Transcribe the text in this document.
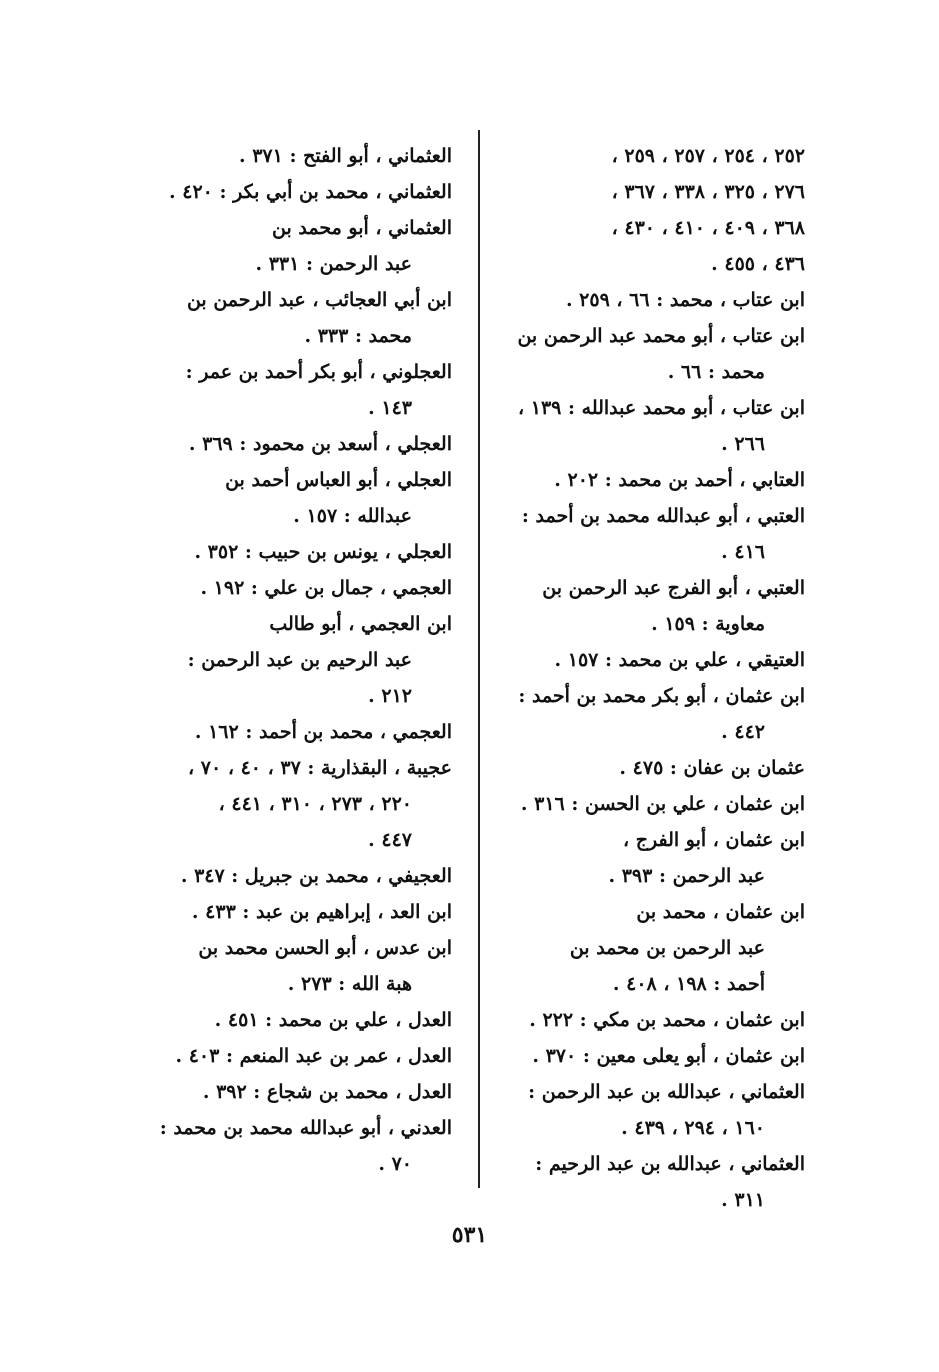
٢٥٢ ، ٢٥٤ ، ٢٥٧ ، ٢٥٩ ،
٢٧٦ ، ٣٢٥ ، ٣٣٨ ، ٣٦٧ ،
٣٦٨ ، ٤٠٩ ، ٤١٠ ، ٤٣٠ ،
٤٣٦ ، ٤٥٥ .
ابن عتاب ، محمد : ٦٦ ، ٢٥٩ .
ابن عتاب ، أبو محمد عبد الرحمن بن
محمد : ٦٦ .
ابن عتاب ، أبو محمد عبدالله : ١٣٩ ،
٢٦٦ .
العتابي ، أحمد بن محمد : ٢٠٢ .
العتبي ، أبو عبدالله محمد بن أحمد :
٤١٦ .
العتبي ، أبو الفرج عبد الرحمن بن
معاوية : ١٥٩ .
العتيقي ، علي بن محمد : ١٥٧ .
ابن عثمان ، أبو بكر محمد بن أحمد :
٤٤٢ .
عثمان بن عفان : ٤٧٥ .
ابن عثمان ، علي بن الحسن : ٣١٦ .
ابن عثمان ، أبو الفرج ،
عبد الرحمن : ٣٩٣ .
ابن عثمان ، محمد بن
عبد الرحمن بن محمد بن
أحمد : ١٩٨ ، ٤٠٨ .
ابن عثمان ، محمد بن مكي : ٢٢٢ .
ابن عثمان ، أبو يعلى معين : ٣٧٠ .
العثماني ، عبدالله بن عبد الرحمن :
١٦٠ ، ٢٩٤ ، ٤٣٩ .
العثماني ، عبدالله بن عبد الرحيم :
٣١١ .
العثماني ، أبو الفتح : ٣٧١ .
العثماني ، محمد بن أبي بكر : ٤٢٠ .
العثماني ، أبو محمد بن
عبد الرحمن : ٣٣١ .
ابن أبي العجائب ، عبد الرحمن بن
محمد : ٣٣٣ .
العجلوني ، أبو بكر أحمد بن عمر :
١٤٣ .
العجلي ، أسعد بن محمود : ٣٦٩ .
العجلي ، أبو العباس أحمد بن
عبدالله : ١٥٧ .
العجلي ، يونس بن حبيب : ٣٥٢ .
العجمي ، جمال بن علي : ١٩٢ .
ابن العجمي ، أبو طالب
عبد الرحيم بن عبد الرحمن :
٢١٢ .
العجمي ، محمد بن أحمد : ١٦٢ .
عجيبة ، البقذارية : ٣٧ ، ٤٠ ، ٧٠ ،
٢٢٠ ، ٢٧٣ ، ٣١٠ ، ٤٤١ ،
٤٤٧ .
العجيفي ، محمد بن جبريل : ٣٤٧ .
ابن العد ، إبراهيم بن عبد : ٤٣٣ .
ابن عدس ، أبو الحسن محمد بن
هبة الله : ٢٧٣ .
العدل ، علي بن محمد : ٤٥١ .
العدل ، عمر بن عبد المنعم : ٤٠٣ .
العدل ، محمد بن شجاع : ٣٩٢ .
العدني ، أبو عبدالله محمد بن محمد :
٧٠ .
٥٣١
